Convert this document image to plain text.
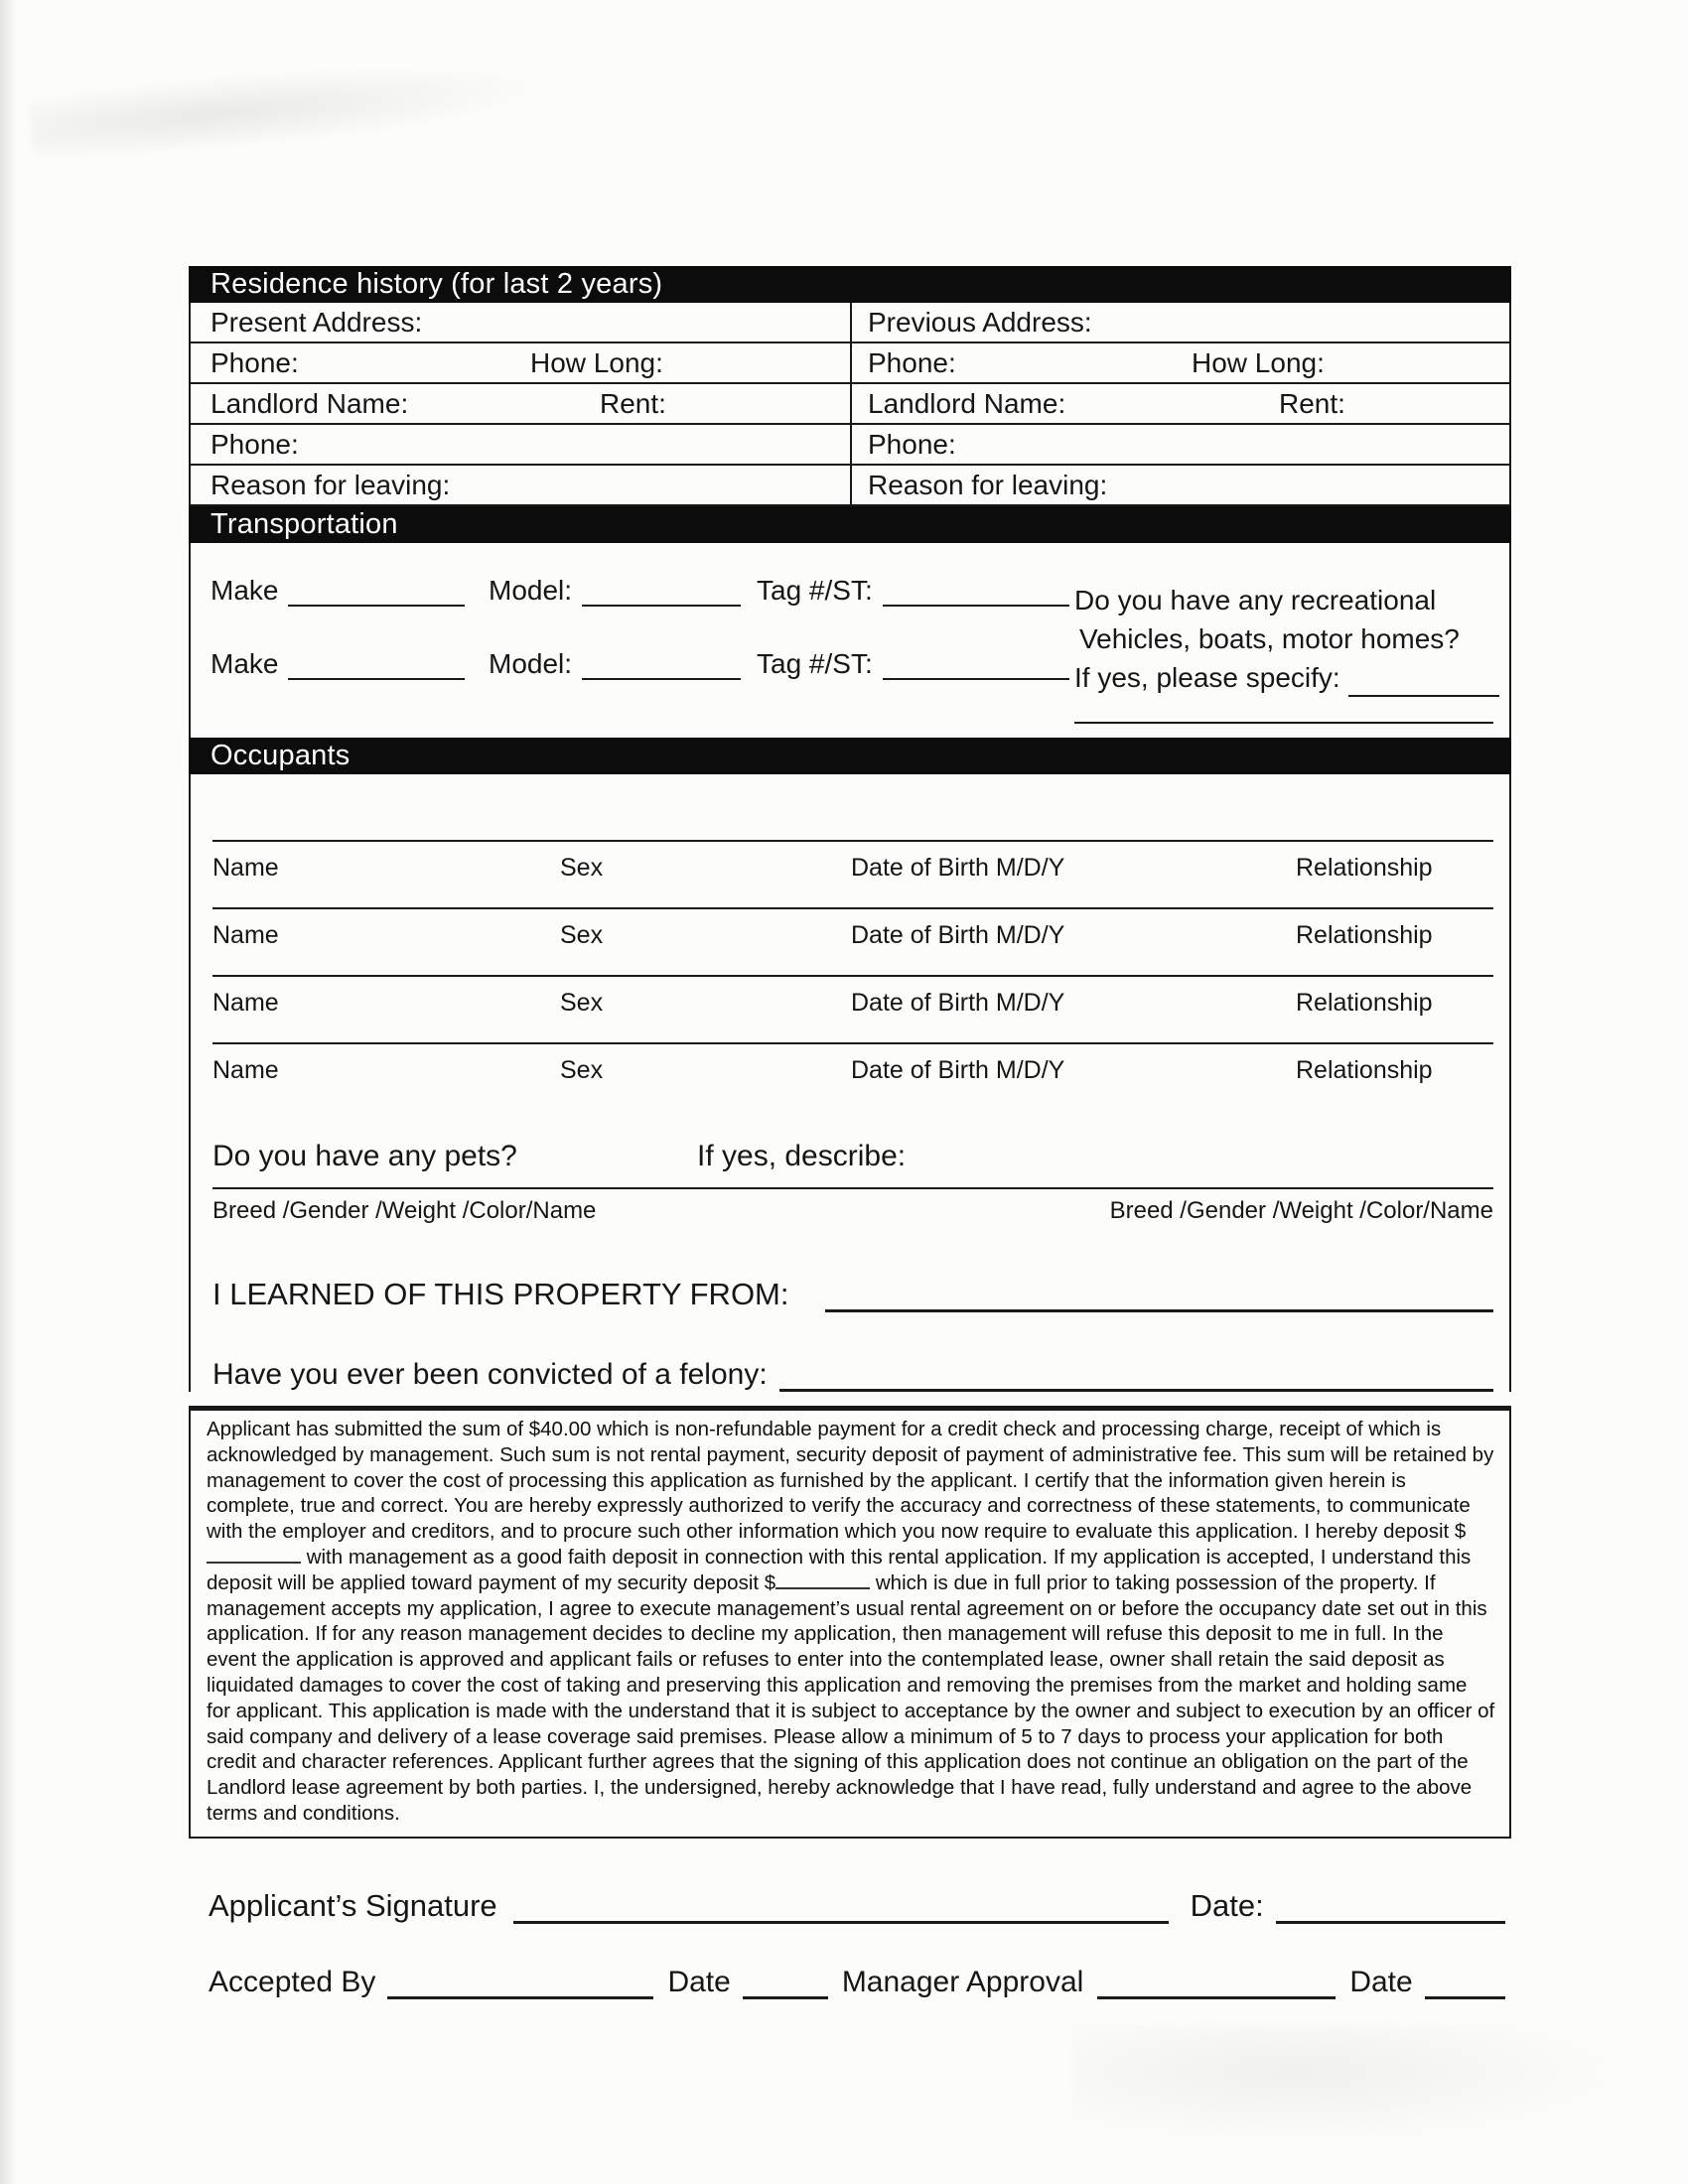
Residence history (for last 2 years)
Present Address:	Previous Address:
Phone:	How Long:	Phone:	How Long:
Landlord Name:	Rent:	Landlord Name:	Rent:
Phone:	Phone:
Reason for leaving:	Reason for leaving:
Transportation
Make	Model:	Tag #/ST:
Make	Model:	Tag #/ST:
Do you have any recreational
Vehicles, boats, motor homes?
If yes, please specify:
Occupants
Name	Sex	Date of Birth M/D/Y	Relationship
Name	Sex	Date of Birth M/D/Y	Relationship
Name	Sex	Date of Birth M/D/Y	Relationship
Name	Sex	Date of Birth M/D/Y	Relationship
Do you have any pets?	If yes, describe:
Breed /Gender /Weight /Color/Name	Breed /Gender /Weight /Color/Name
I LEARNED OF THIS PROPERTY FROM:
Have you ever been convicted of a felony:
Applicant has submitted the sum of $40.00 which is non-refundable payment for a credit check and processing charge, receipt of which is acknowledged by management. Such sum is not rental payment, security deposit of payment of administrative fee. This sum will be retained by management to cover the cost of processing this application as furnished by the applicant. I certify that the information given herein is complete, true and correct. You are hereby expressly authorized to verify the accuracy and correctness of these statements, to communicate with the employer and creditors, and to procure such other information which you now require to evaluate this application. I hereby deposit $ with management as a good faith deposit in connection with this rental application. If my application is accepted, I understand this deposit will be applied toward payment of my security deposit $	which is due in full prior to taking possession of the property. If management accepts my application, I agree to execute management’s usual rental agreement on or before the occupancy date set out in this application. If for any reason management decides to decline my application, then management will refuse this deposit to me in full. In the event the application is approved and applicant fails or refuses to enter into the contemplated lease, owner shall retain the said deposit as liquidated damages to cover the cost of taking and preserving this application and removing the premises from the market and holding same for applicant. This application is made with the understand that it is subject to acceptance by the owner and subject to execution by an officer of said company and delivery of a lease coverage said premises. Please allow a minimum of 5 to 7 days to process your application for both credit and character references. Applicant further agrees that the signing of this application does not continue an obligation on the part of the Landlord lease agreement by both parties. I, the undersigned, hereby acknowledge that I have read, fully understand and agree to the above terms and conditions.
Applicant’s Signature	Date:
Accepted By	Date	Manager Approval	Date
